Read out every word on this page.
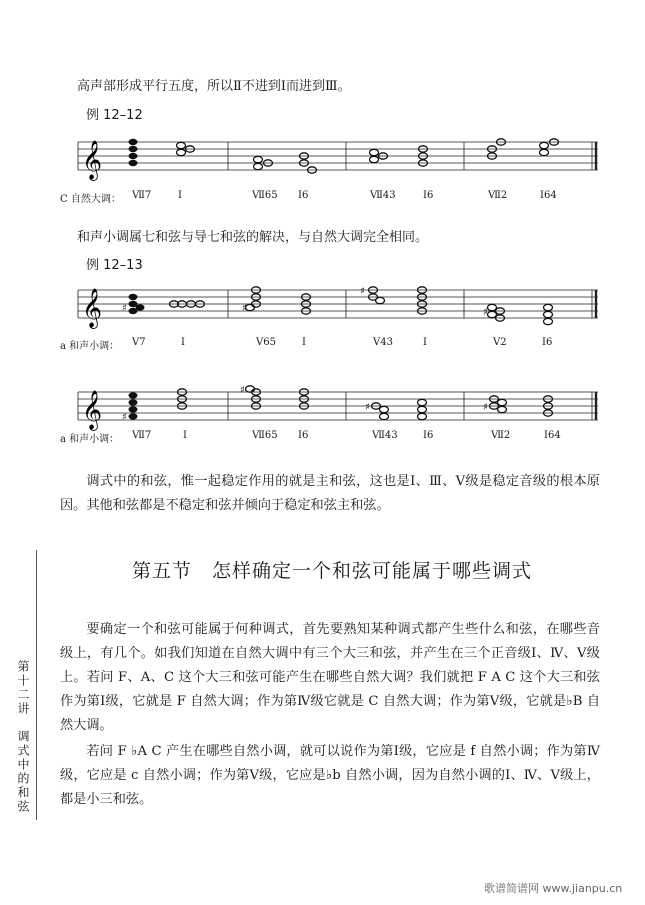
高声部形成平行五度，所以Ⅱ不进到Ⅰ而进到Ⅲ。
例 12–12
𝄞
C 自然大调： Ⅶ7	Ⅰ	Ⅶ65 Ⅰ6	Ⅶ43	Ⅰ6	Ⅶ2	Ⅰ64
和声小调属七和弦与导七和弦的解决，与自然大调完全相同。
例 12–13
𝄞 ♯	♯
♯
♯
a 和声小调： V7	Ⅰ	V65	Ⅰ	V43	Ⅰ	V2	Ⅰ6
𝄞 ♯
♯
♯	♯
a 和声小调： Ⅶ7	Ⅰ	Ⅶ65 Ⅰ6	Ⅶ43	Ⅰ6	Ⅶ2	Ⅰ64
调式中的和弦，惟一起稳定作用的就是主和弦，这也是Ⅰ、Ⅲ、Ⅴ级是稳定音级的根本原因。其他和弦都是不稳定和弦并倾向于稳定和弦主和弦。
第五节　怎样确定一个和弦可能属于哪些调式
要确定一个和弦可能属于何种调式，首先要熟知某种调式都产生些什么和弦，在哪些音级上，有几个。如我们知道在自然大调中有三个大三和弦，并产生在三个正音级Ⅰ、Ⅳ、Ⅴ级上。若问 F、A、C 这个大三和弦可能产生在哪些自然大调？我们就把 F A C 这个大三和弦作为第Ⅰ级，它就是 F 自然大调；作为第Ⅳ级它就是 C 自然大调；作为第Ⅴ级，它就是♭B 自然大调。
若问 F ♭A C 产生在哪些自然小调，就可以说作为第Ⅰ级，它应是 f 自然小调；作为第Ⅳ级，它应是 c 自然小调；作为第Ⅴ级，它应是♭b 自然小调，因为自然小调的Ⅰ、Ⅳ、Ⅴ级上，都是小三和弦。
第十二讲　调式中的和弦
歌谱简谱网 www.jianpu.cn
